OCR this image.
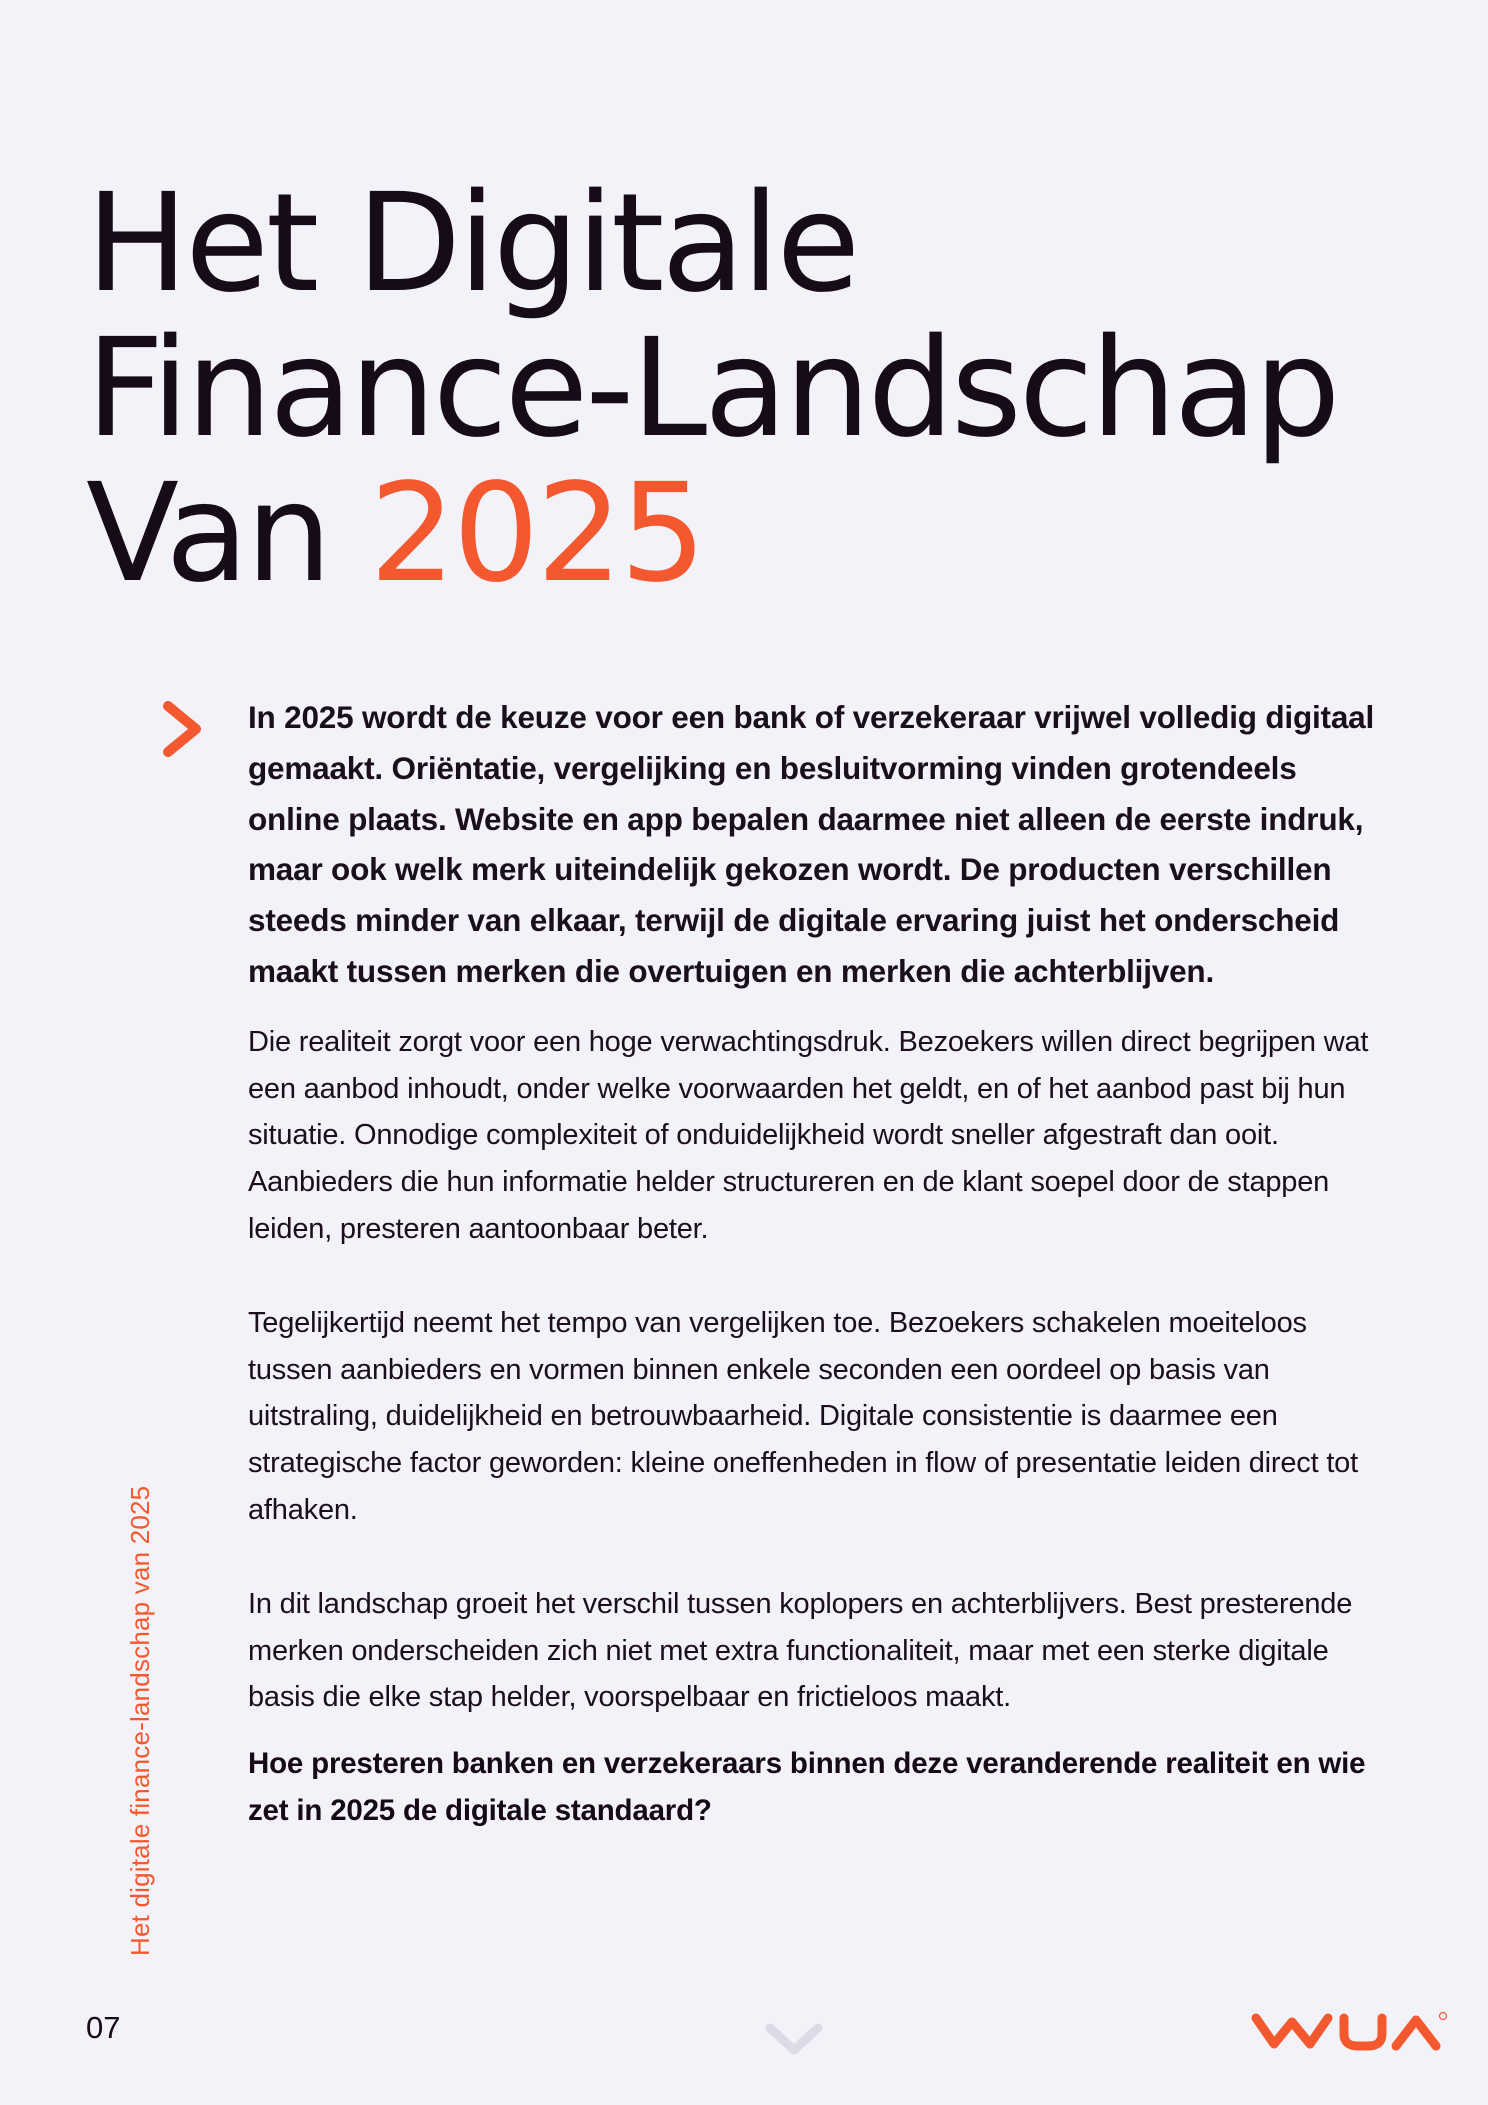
Het Digitale
Finance-Landschap
Van 2025

In 2025 wordt de keuze voor een bank of verzekeraar vrijwel volledig digitaal gemaakt. Oriëntatie, vergelijking en besluitvorming vinden grotendeels online plaats. Website en app bepalen daarmee niet alleen de eerste indruk, maar ook welk merk uiteindelijk gekozen wordt. De producten verschillen steeds minder van elkaar, terwijl de digitale ervaring juist het onderscheid maakt tussen merken die overtuigen en merken die achterblijven.

Die realiteit zorgt voor een hoge verwachtingsdruk. Bezoekers willen direct begrijpen wat een aanbod inhoudt, onder welke voorwaarden het geldt, en of het aanbod past bij hun situatie. Onnodige complexiteit of onduidelijkheid wordt sneller afgestraft dan ooit. Aanbieders die hun informatie helder structureren en de klant soepel door de stappen leiden, presteren aantoonbaar beter.

Tegelijkertijd neemt het tempo van vergelijken toe. Bezoekers schakelen moeiteloos tussen aanbieders en vormen binnen enkele seconden een oordeel op basis van uitstraling, duidelijkheid en betrouwbaarheid. Digitale consistentie is daarmee een strategische factor geworden: kleine oneffenheden in flow of presentatie leiden direct tot afhaken.

In dit landschap groeit het verschil tussen koplopers en achterblijvers. Best presterende merken onderscheiden zich niet met extra functionaliteit, maar met een sterke digitale basis die elke stap helder, voorspelbaar en frictieloos maakt.

Hoe presteren banken en verzekeraars binnen deze veranderende realiteit en wie zet in 2025 de digitale standaard?

Het digitale finance-landschap van 2025
07
